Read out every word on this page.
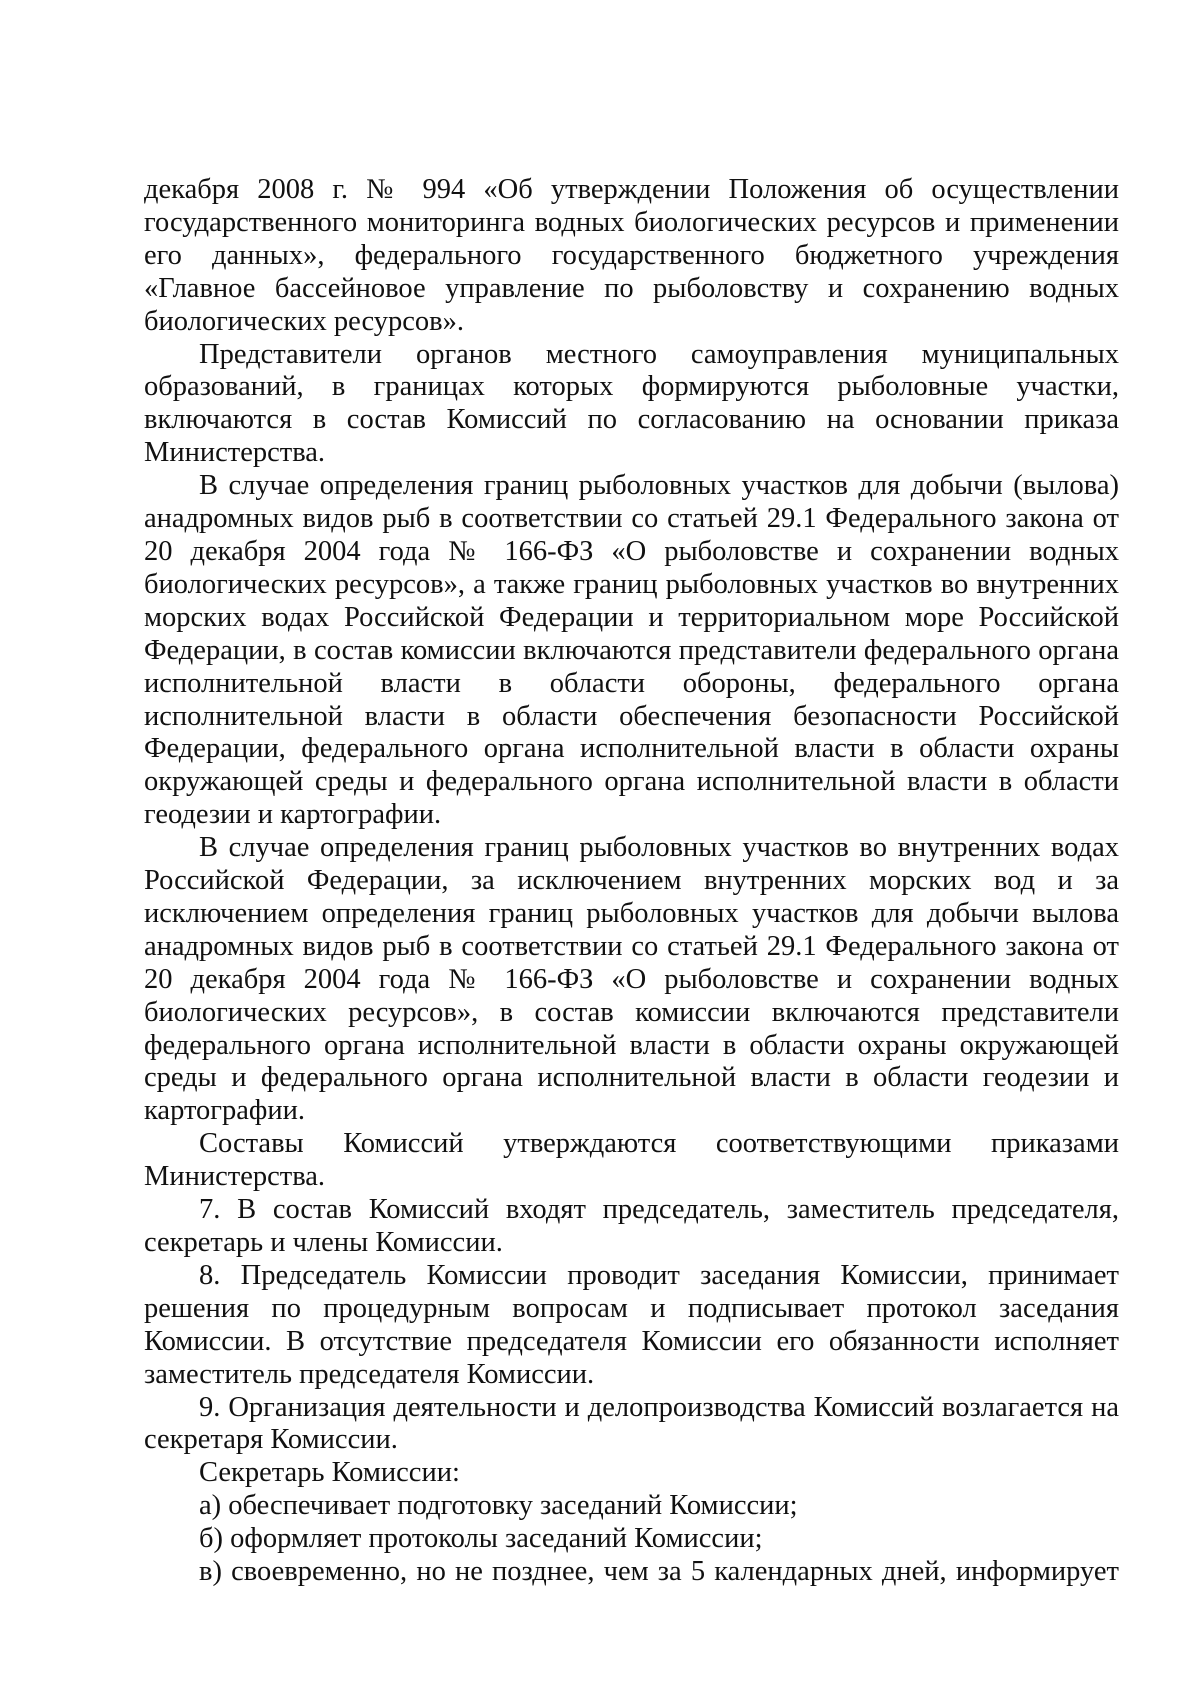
декабря 2008 г. № 994 «Об утверждении Положения об осуществлении государственного мониторинга водных биологических ресурсов и применении его данных», федерального государственного бюджетного учреждения «Главное бассейновое управление по рыболовству и сохранению водных биологических ресурсов».

Представители органов местного самоуправления муниципальных образований, в границах которых формируются рыболовные участки, включаются в состав Комиссий по согласованию на основании приказа Министерства.

В случае определения границ рыболовных участков для добычи (вылова) анадромных видов рыб в соответствии со статьей 29.1 Федерального закона от 20 декабря 2004 года № 166-ФЗ «О рыболовстве и сохранении водных биологических ресурсов», а также границ рыболовных участков во внутренних морских водах Российской Федерации и территориальном море Российской Федерации, в состав комиссии включаются представители федерального органа исполнительной власти в области обороны, федерального органа исполнительной власти в области обеспечения безопасности Российской Федерации, федерального органа исполнительной власти в области охраны окружающей среды и федерального органа исполнительной власти в области геодезии и картографии.

В случае определения границ рыболовных участков во внутренних водах Российской Федерации, за исключением внутренних морских вод и за исключением определения границ рыболовных участков для добычи вылова анадромных видов рыб в соответствии со статьей 29.1 Федерального закона от 20 декабря 2004 года № 166-ФЗ «О рыболовстве и сохранении водных биологических ресурсов», в состав комиссии включаются представители федерального органа исполнительной власти в области охраны окружающей среды и федерального органа исполнительной власти в области геодезии и картографии.

Составы Комиссий утверждаются соответствующими приказами Министерства.

7. В состав Комиссий входят председатель, заместитель председателя, секретарь и члены Комиссии.

8. Председатель Комиссии проводит заседания Комиссии, принимает решения по процедурным вопросам и подписывает протокол заседания Комиссии. В отсутствие председателя Комиссии его обязанности исполняет заместитель председателя Комиссии.

9. Организация деятельности и делопроизводства Комиссий возлагается на секретаря Комиссии.

Секретарь Комиссии:

а) обеспечивает подготовку заседаний Комиссии;

б) оформляет протоколы заседаний Комиссии;

в) своевременно, но не позднее, чем за 5 календарных дней, информирует
